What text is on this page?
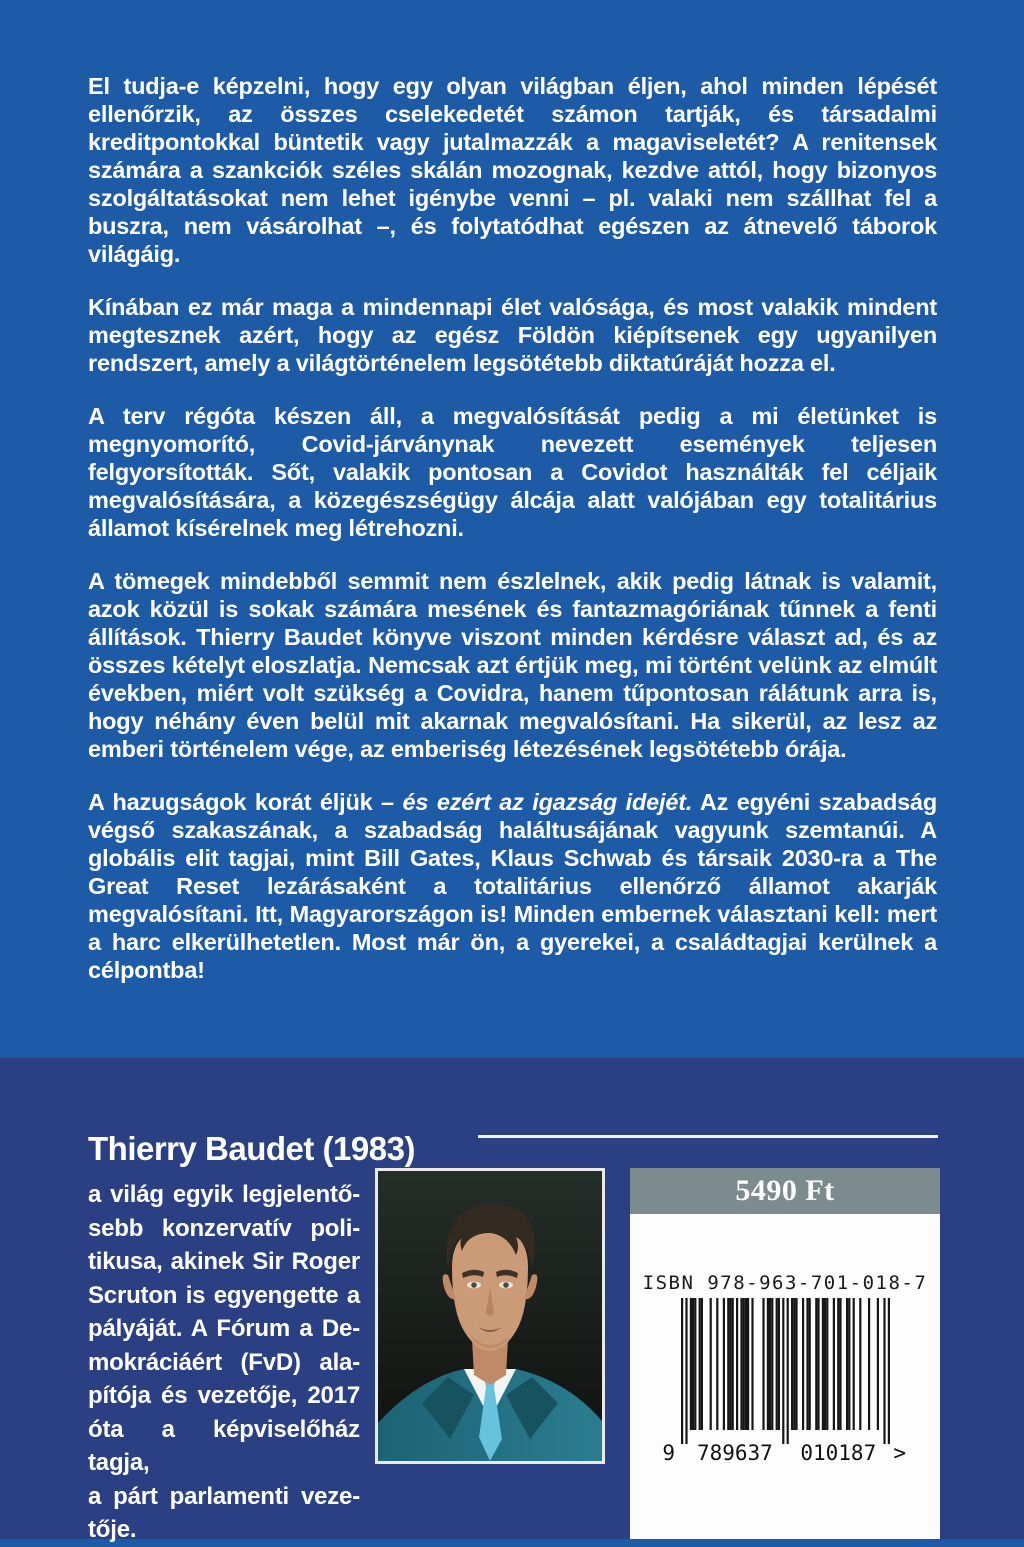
El tudja-e képzelni, hogy egy olyan világban éljen, ahol minden lépését ellenőrzik, az összes cselekedetét számon tartják, és társadalmi kreditpontokkal büntetik vagy jutalmazzák a magaviseletét? A renitensek számára a szankciók széles skálán mozognak, kezdve attól, hogy bizonyos szolgáltatásokat nem lehet igénybe venni – pl. valaki nem szállhat fel a buszra, nem vásárolhat –, és folytatódhat egészen az átnevelő táborok világáig.

Kínában ez már maga a mindennapi élet valósága, és most valakik mindent megtesznek azért, hogy az egész Földön kiépítsenek egy ugyanilyen rendszert, amely a világtörténelem legsötétebb diktatúráját hozza el.

A terv régóta készen áll, a megvalósítását pedig a mi életünket is megnyomorító, Covid-járványnak nevezett események teljesen felgyorsították. Sőt, valakik pontosan a Covidot használták fel céljaik megvalósítására, a közegészségügy álcája alatt valójában egy totalitárius államot kísérelnek meg létrehozni.

A tömegek mindebből semmit nem észlelnek, akik pedig látnak is valamit, azok közül is sokak számára mesének és fantazmagóriának tűnnek a fenti állítások. Thierry Baudet könyve viszont minden kérdésre választ ad, és az összes kételyt eloszlatja. Nemcsak azt értjük meg, mi történt velünk az elmúlt években, miért volt szükség a Covidra, hanem tűpontosan rálátunk arra is, hogy néhány éven belül mit akarnak megvalósítani. Ha sikerül, az lesz az emberi történelem vége, az emberiség létezésének legsötétebb órája.

A hazugságok korát éljük – és ezért az igazság idejét. Az egyéni szabadság végső szakaszának, a szabadság haláltusájának vagyunk szemtanúi. A globális elit tagjai, mint Bill Gates, Klaus Schwab és társaik 2030-ra a The Great Reset lezárásaként a totalitárius ellenőrző államot akarják megvalósítani. Itt, Magyarországon is! Minden embernek választani kell: mert a harc elkerülhetetlen. Most már ön, a gyerekei, a családtagjai kerülnek a célpontba!

Thierry Baudet (1983)
a világ egyik legjelentő-
sebb konzervatív poli-
tikusa, akinek Sir Roger
Scruton is egyengette a
pályáját. A Fórum a De-
mokráciáért (FvD) ala-
pítója és vezetője, 2017
óta a képviselőház tagja,
a párt parlamenti veze-
tője.
5490 Ft
ISBN 978-963-701-018-7
9 789637 010187 >
